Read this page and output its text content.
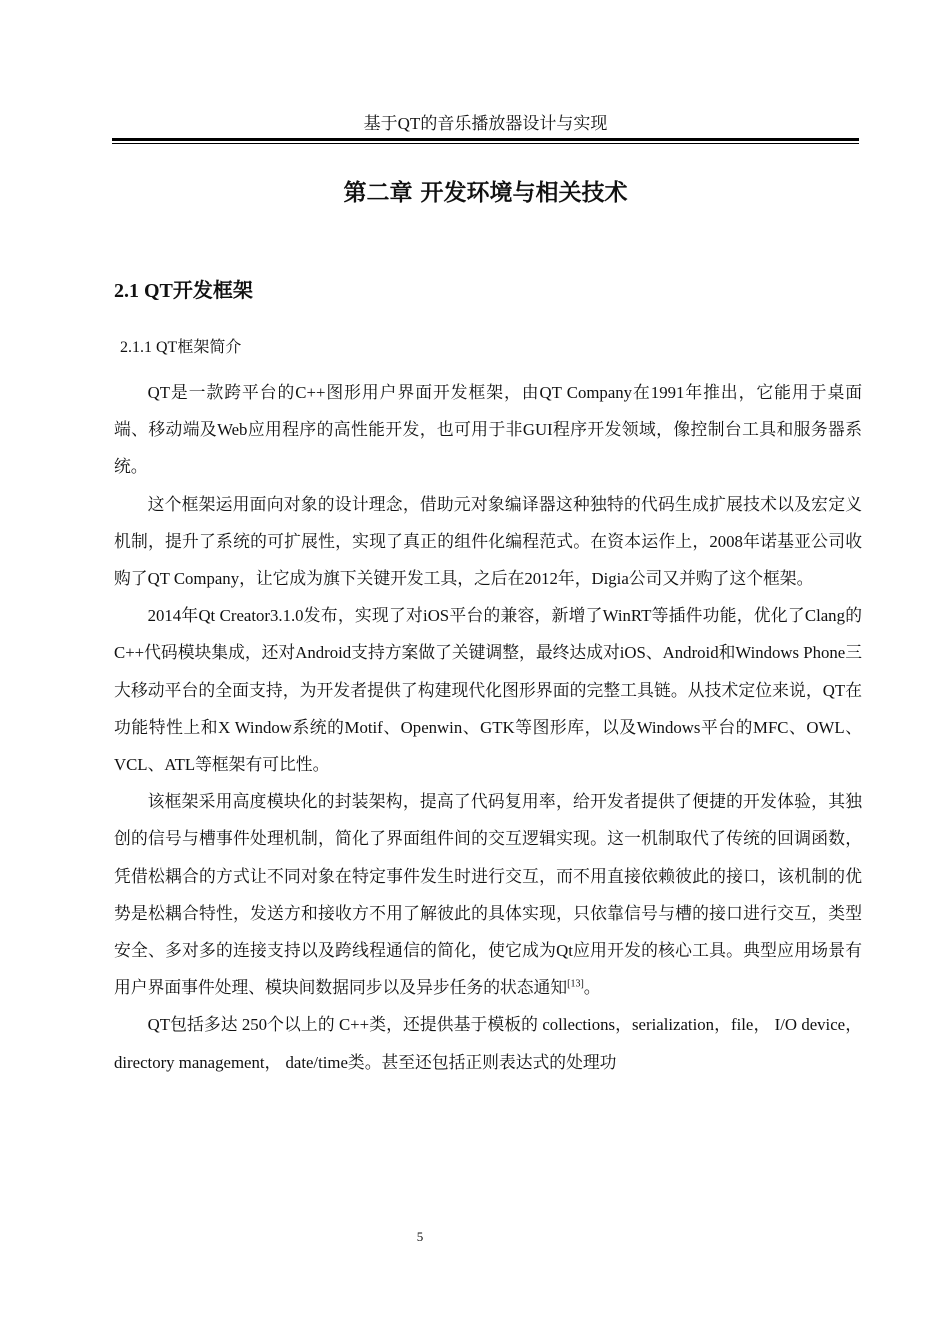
基于QT的音乐播放器设计与实现
第二章 开发环境与相关技术
2.1 QT开发框架
2.1.1 QT框架简介

QT是一款跨平台的C++图形用户界面开发框架，由QT Company在1991年推出，它能用于桌面端、移动端及Web应用程序的高性能开发，也可用于非GUI程序开发领域，像控制台工具和服务器系统。

这个框架运用面向对象的设计理念，借助元对象编译器这种独特的代码生成扩展技术以及宏定义机制，提升了系统的可扩展性，实现了真正的组件化编程范式。在资本运作上，2008年诺基亚公司收购了QT Company，让它成为旗下关键开发工具，之后在2012年，Digia公司又并购了这个框架。

2014年Qt Creator3.1.0发布，实现了对iOS平台的兼容，新增了WinRT等插件功能，优化了Clang的C++代码模块集成，还对Android支持方案做了关键调整，最终达成对iOS、Android和Windows Phone三大移动平台的全面支持，为开发者提供了构建现代化图形界面的完整工具链。从技术定位来说，QT在功能特性上和X Window系统的Motif、Openwin、GTK等图形库，以及Windows平台的MFC、OWL、VCL、ATL等框架有可比性。

该框架采用高度模块化的封装架构，提高了代码复用率，给开发者提供了便捷的开发体验，其独创的信号与槽事件处理机制，简化了界面组件间的交互逻辑实现。这一机制取代了传统的回调函数，凭借松耦合的方式让不同对象在特定事件发生时进行交互，而不用直接依赖彼此的接口，该机制的优势是松耦合特性，发送方和接收方不用了解彼此的具体实现，只依靠信号与槽的接口进行交互，类型安全、多对多的连接支持以及跨线程通信的简化，使它成为Qt应用开发的核心工具。典型应用场景有用户界面事件处理、模块间数据同步以及异步任务的状态通知[13]。

QT包括多达 250个以上的 C++类，还提供基于模板的 collections，serialization，file， I/O device， directory management， date/time类。甚至还包括正则表达式的处理功

5
